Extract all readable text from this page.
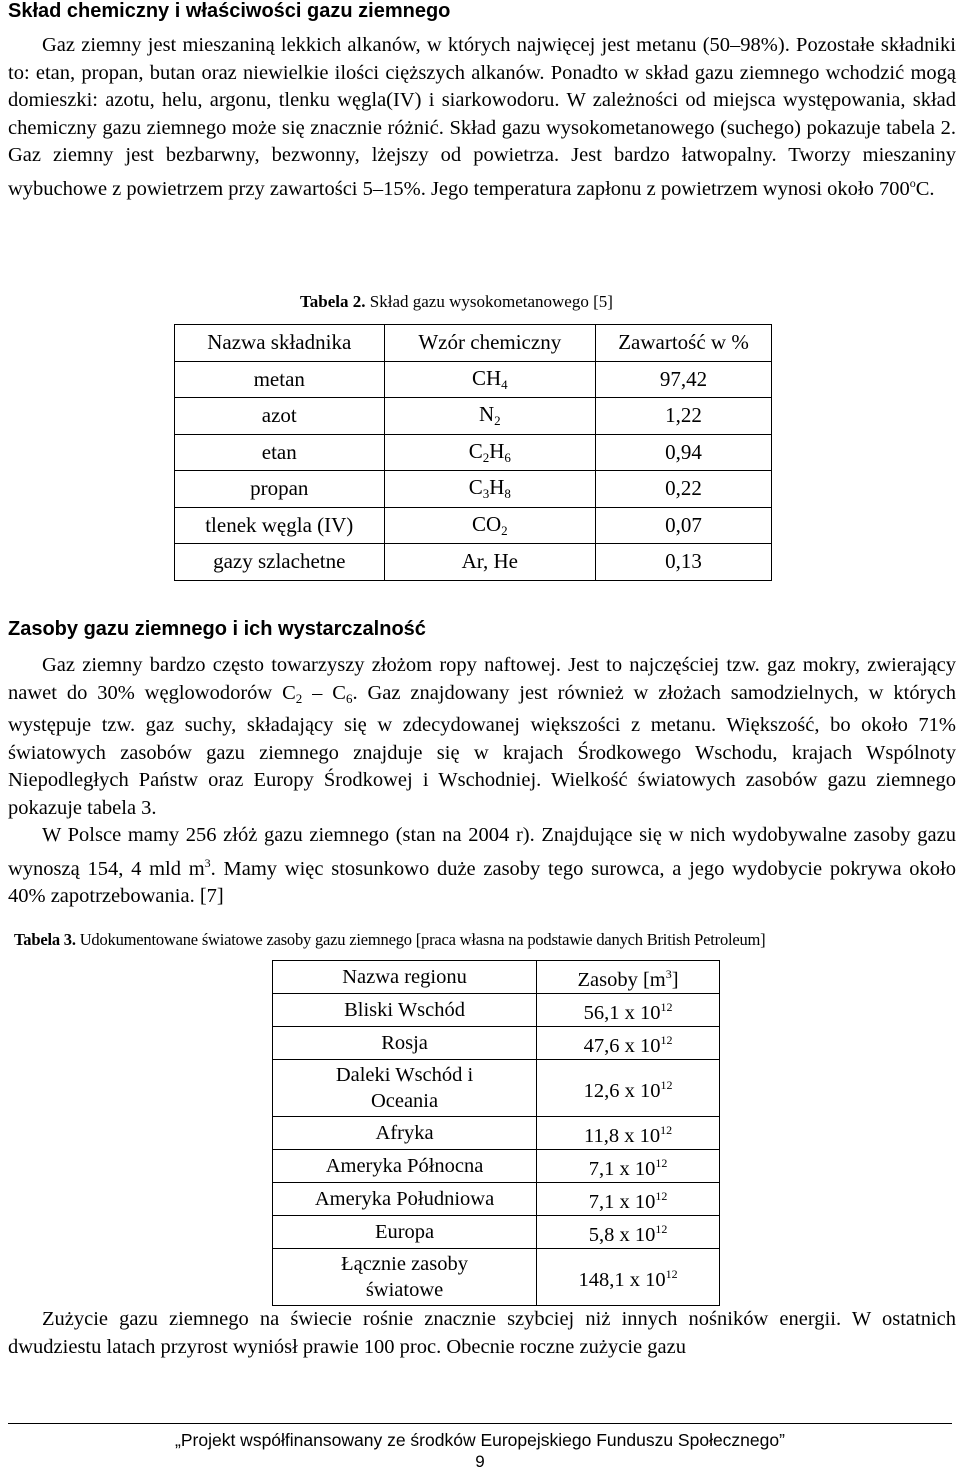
Skład chemiczny i właściwości gazu ziemnego

Gaz ziemny jest mieszaniną lekkich alkanów, w których najwięcej jest metanu (50–98%). Pozostałe składniki to: etan, propan, butan oraz niewielkie ilości cięższych alkanów. Ponadto w skład gazu ziemnego wchodzić mogą domieszki: azotu, helu, argonu, tlenku węgla(IV) i siarkowodoru. W zależności od miejsca występowania, skład chemiczny gazu ziemnego może się znacznie różnić. Skład gazu wysokometanowego (suchego) pokazuje tabela 2. Gaz ziemny jest bezbarwny, bezwonny, lżejszy od powietrza. Jest bardzo łatwopalny. Tworzy mieszaniny wybuchowe z powietrzem przy zawartości 5–15%. Jego temperatura zapłonu z powietrzem wynosi około 700$^o$C.

Tabela 2. Skład gazu wysokometanowego [5]
Nazwa składnika	Wzór chemiczny	Zawartość w %
metan	$CH_4$	97,42
azot	$N_2$	1,22
etan	$C_2H_6$	0,94
propan	$C_3H_8$	0,22
tlenek węgla (IV)	$CO_2$	0,07
gazy szlachetne	Ar, He	0,13
Zasoby gazu ziemnego i ich wystarczalność

Gaz ziemny bardzo często towarzyszy złożom ropy naftowej. Jest to najczęściej tzw. gaz mokry, zwierający nawet do 30% węglowodorów $C_2 - C_6$. Gaz znajdowany jest również w złożach samodzielnych, w których występuje tzw. gaz suchy, składający się w zdecydowanej większości z metanu. Większość, bo około 71% światowych zasobów gazu ziemnego znajduje się w krajach Środkowego Wschodu, krajach Wspólnoty Niepodległych Państw oraz Europy Środkowej i Wschodniej. Wielkość światowych zasobów gazu ziemnego pokazuje tabela 3.

W Polsce mamy 256 złóż gazu ziemnego (stan na 2004 r). Znajdujące się w nich wydobywalne zasoby gazu wynoszą 154, 4 mld $m^3$. Mamy więc stosunkowo duże zasoby tego surowca, a jego wydobycie pokrywa około 40% zapotrzebowania. [7]

Tabela 3. Udokumentowane światowe zasoby gazu ziemnego [praca własna na podstawie danych British Petroleum]
Nazwa regionu	Zasoby $[m^3]$
Bliski Wschód	56,1 x $10^{12}$
Rosja	47,6 x $10^{12}$
Daleki Wschód i Oceania	12,6 x $10^{12}$
Afryka	11,8 x $10^{12}$
Ameryka Północna	7,1 x $10^{12}$
Ameryka Południowa	7,1 x $10^{12}$
Europa	5,8 x $10^{12}$
Łącznie zasoby światowe	148,1 x $10^{12}$

Zużycie gazu ziemnego na świecie rośnie znacznie szybciej niż innych nośników energii. W ostatnich dwudziestu latach przyrost wyniósł prawie 100 proc. Obecnie roczne zużycie gazu

„Projekt współfinansowany ze środków Europejskiego Funduszu Społecznego”
9
